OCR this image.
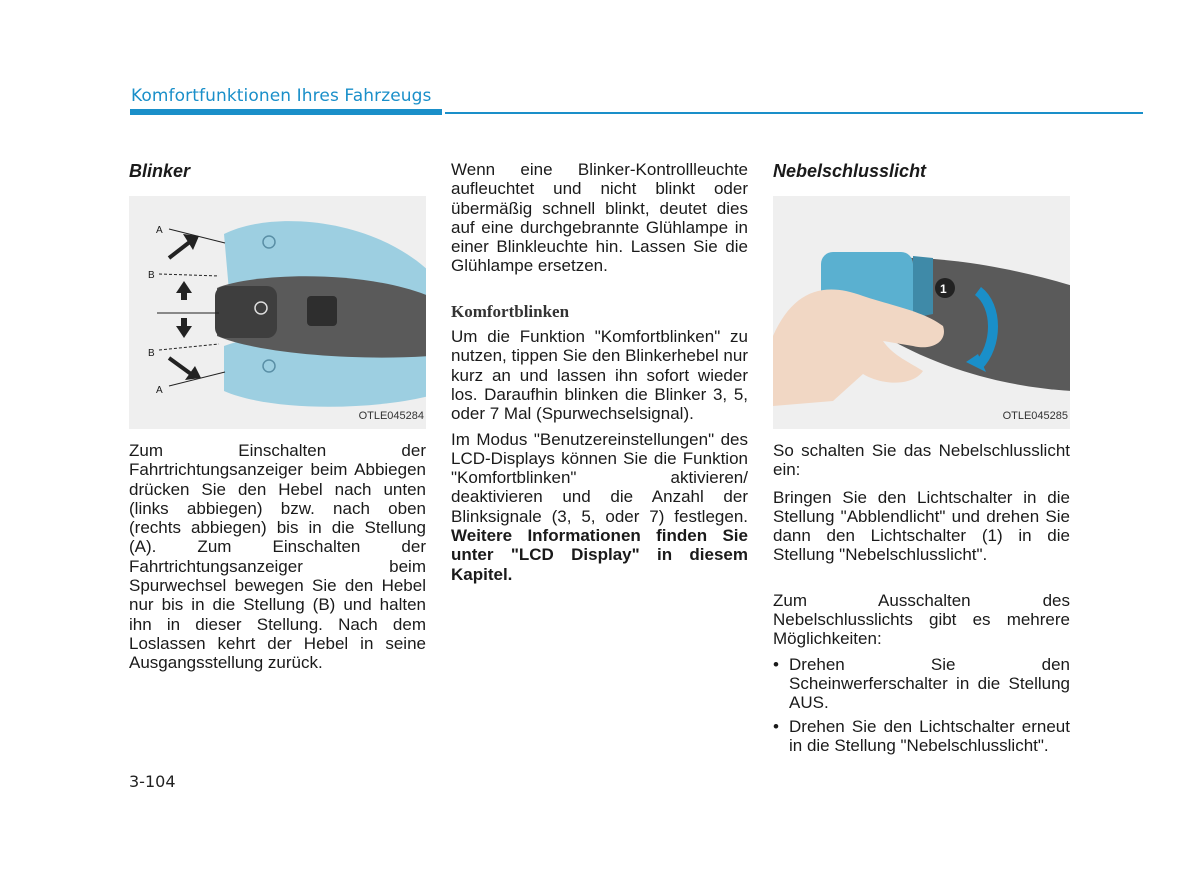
Komfortfunktionen Ihres Fahrzeugs
Blinker
A
B
B
A
OTLE045284

Zum Einschalten der Fahrtrichtungsanzeiger beim Abbiegen drücken Sie den Hebel nach unten (links abbiegen) bzw. nach oben (rechts abbiegen) bis in die Stellung (A). Zum Einschalten der Fahrtrichtungsanzeiger beim Spurwechsel bewegen Sie den Hebel nur bis in die Stellung (B) und halten ihn in dieser Stellung. Nach dem Loslassen kehrt der Hebel in seine Ausgangsstellung zurück.

Wenn eine Blinker-Kontrollleuchte aufleuchtet und nicht blinkt oder übermäßig schnell blinkt, deutet dies auf eine durchgebrannte Glühlampe in einer Blinkleuchte hin. Lassen Sie die Glühlampe ersetzen.

Komfortblinken

Um die Funktion "Komfortblinken" zu nutzen, tippen Sie den Blinkerhebel nur kurz an und lassen ihn sofort wieder los. Daraufhin blinken die Blinker 3, 5, oder 7 Mal (Spurwechselsignal).

Im Modus "Benutzereinstellungen" des LCD-Displays können Sie die Funktion "Komfortblinken" aktivieren/ deaktivieren und die Anzahl der Blinksignale (3, 5, oder 7) festlegen. Weitere Informationen finden Sie unter "LCD Display" in diesem Kapitel.

Nebelschlusslicht
1
OTLE045285

So schalten Sie das Nebelschlusslicht ein:

Bringen Sie den Lichtschalter in die Stellung "Abblendlicht" und drehen Sie dann den Lichtschalter (1) in die Stellung "Nebelschlusslicht".

Zum Ausschalten des Nebelschlusslichts gibt es mehrere Möglichkeiten:

• Drehen Sie den Scheinwerferschalter in die Stellung AUS.
• Drehen Sie den Lichtschalter erneut in die Stellung "Nebelschlusslicht".
3-104
